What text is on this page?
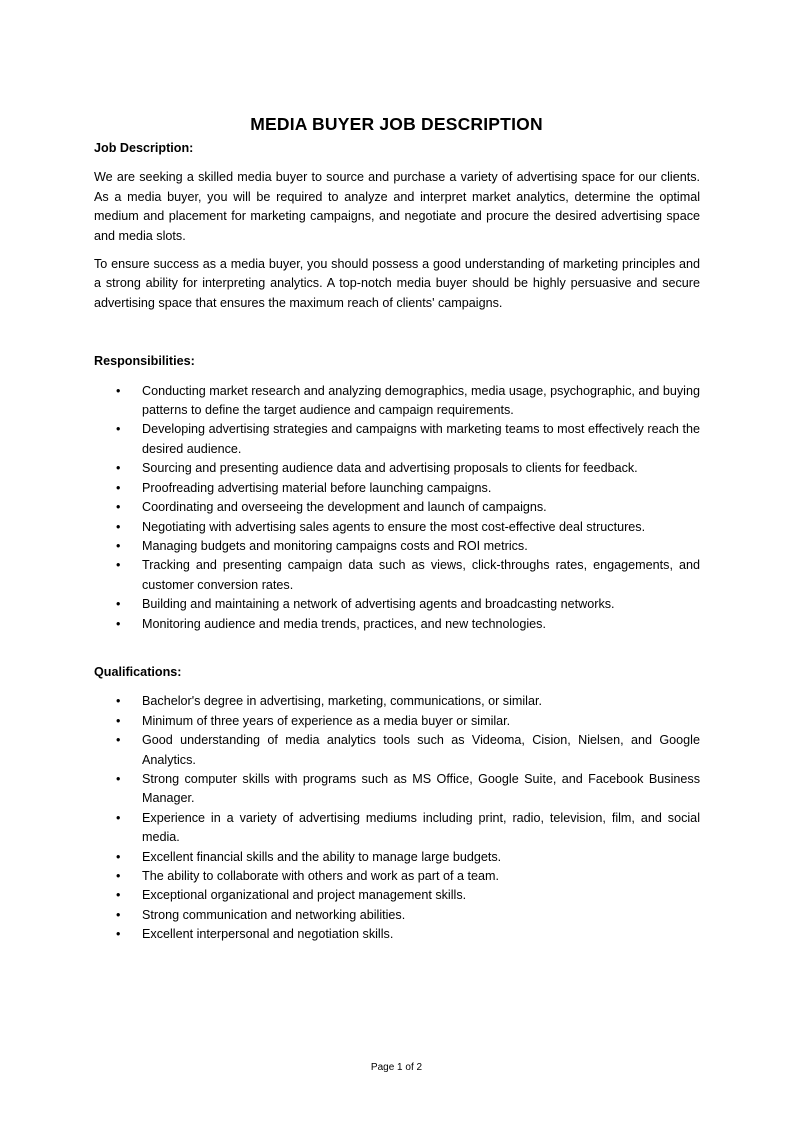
MEDIA BUYER JOB DESCRIPTION

Job Description:

We are seeking a skilled media buyer to source and purchase a variety of advertising space for our clients. As a media buyer, you will be required to analyze and interpret market analytics, determine the optimal medium and placement for marketing campaigns, and negotiate and procure the desired advertising space and media slots.

To ensure success as a media buyer, you should possess a good understanding of marketing principles and a strong ability for interpreting analytics. A top-notch media buyer should be highly persuasive and secure advertising space that ensures the maximum reach of clients' campaigns.

Responsibilities:

• Conducting market research and analyzing demographics, media usage, psychographic, and buying patterns to define the target audience and campaign requirements.
• Developing advertising strategies and campaigns with marketing teams to most effectively reach the desired audience.
• Sourcing and presenting audience data and advertising proposals to clients for feedback.
• Proofreading advertising material before launching campaigns.
• Coordinating and overseeing the development and launch of campaigns.
• Negotiating with advertising sales agents to ensure the most cost-effective deal structures.
• Managing budgets and monitoring campaigns costs and ROI metrics.
• Tracking and presenting campaign data such as views, click-throughs rates, engagements, and customer conversion rates.
• Building and maintaining a network of advertising agents and broadcasting networks.
• Monitoring audience and media trends, practices, and new technologies.

Qualifications:

• Bachelor's degree in advertising, marketing, communications, or similar.
• Minimum of three years of experience as a media buyer or similar.
• Good understanding of media analytics tools such as Videoma, Cision, Nielsen, and Google Analytics.
• Strong computer skills with programs such as MS Office, Google Suite, and Facebook Business Manager.
• Experience in a variety of advertising mediums including print, radio, television, film, and social media.
• Excellent financial skills and the ability to manage large budgets.
• The ability to collaborate with others and work as part of a team.
• Exceptional organizational and project management skills.
• Strong communication and networking abilities.
• Excellent interpersonal and negotiation skills.
Page 1 of 2
